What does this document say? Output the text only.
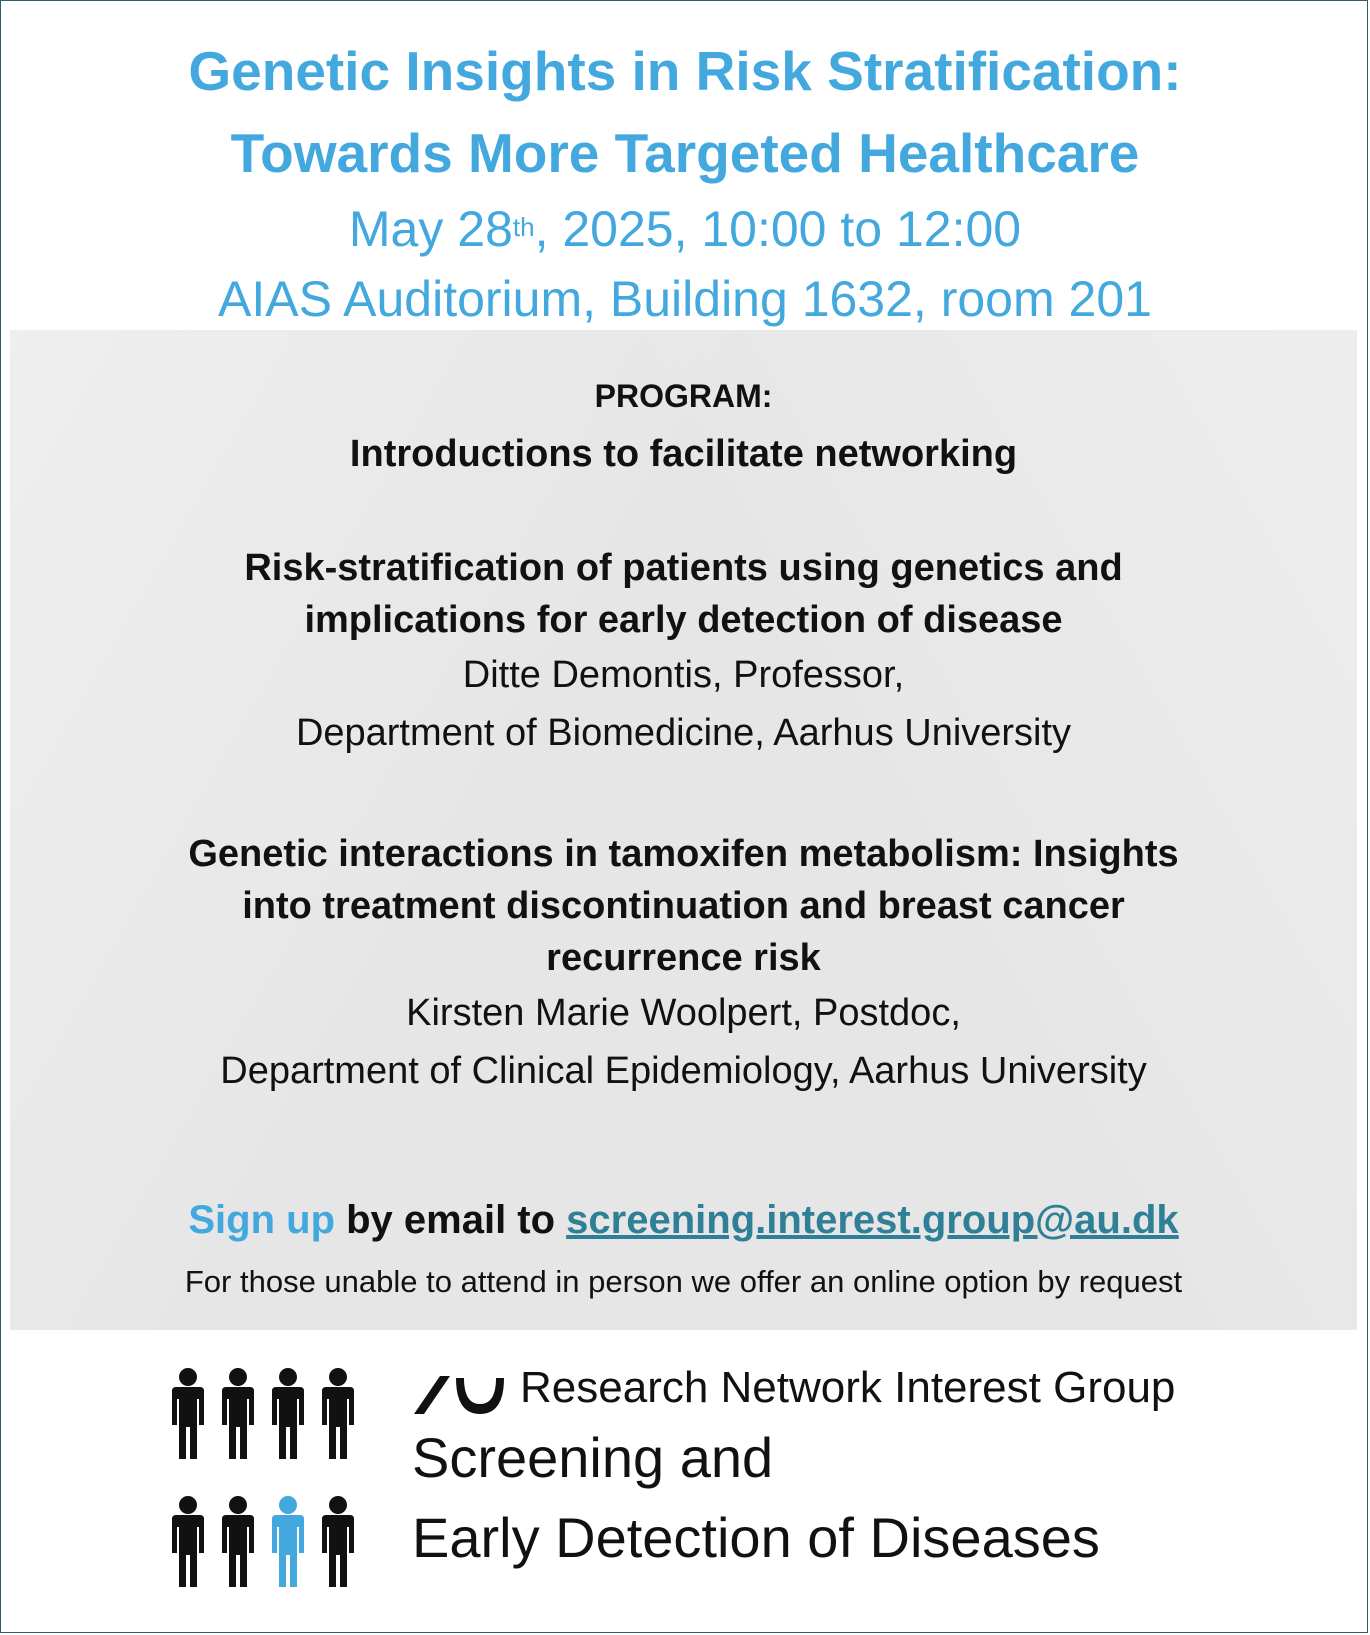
Genetic Insights in Risk Stratification:

Towards More Targeted Healthcare

May 28th, 2025, 10:00 to 12:00

AIAS Auditorium, Building 1632, room 201

PROGRAM:

Introductions to facilitate networking

Risk-stratification of patients using genetics and

implications for early detection of disease

Ditte Demontis, Professor,

Department of Biomedicine, Aarhus University

Genetic interactions in tamoxifen metabolism: Insights

into treatment discontinuation and breast cancer

recurrence risk

Kirsten Marie Woolpert, Postdoc,

Department of Clinical Epidemiology, Aarhus University

Sign up by email to screening.interest.group@au.dk
For those unable to attend in person we offer an online option by request
Research Network Interest Group
Screening and
Early Detection of Diseases
